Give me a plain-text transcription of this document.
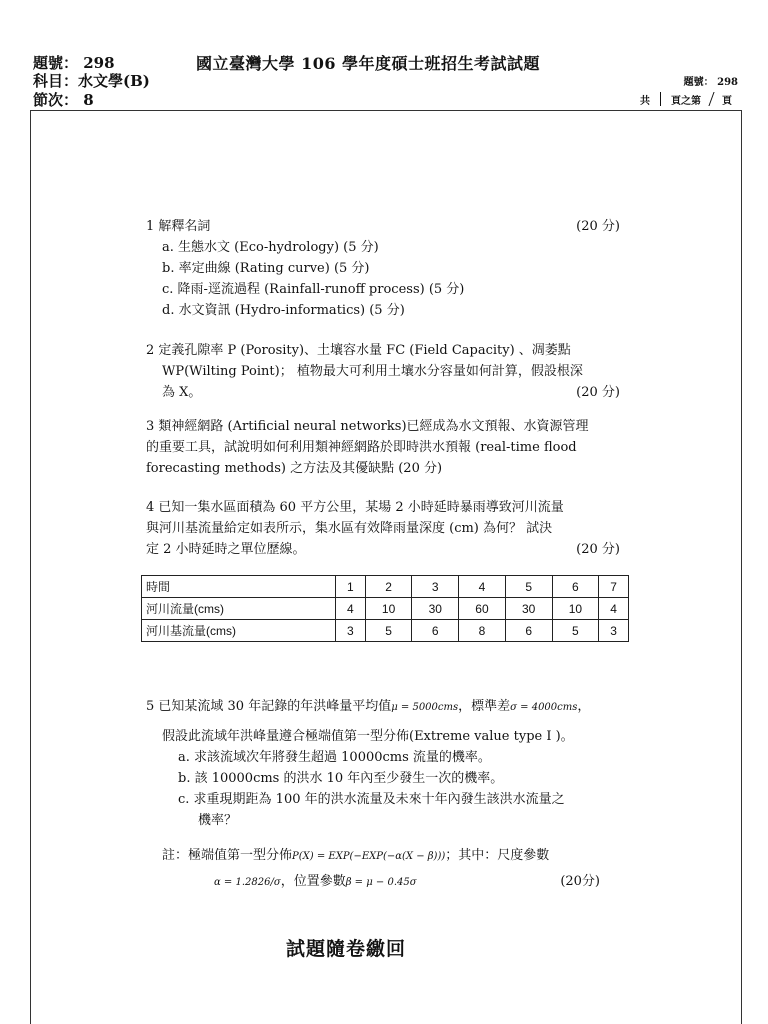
題號： 298
科目：水文學(B)
節次： 8
國立臺灣大學 106 學年度碩士班招生考試試題
題號： 298
共	頁之第	頁

1 解釋名詞	(20 分)

a. 生態水文 (Eco-hydrology) (5 分)

b. 率定曲線 (Rating curve) (5 分)

c. 降雨-逕流過程 (Rainfall-runoff process) (5 分)

d. 水文資訊 (Hydro-informatics) (5 分)

2 定義孔隙率 P (Porosity)、土壤容水量 FC (Field Capacity) 、凋萎點

WP(Wilting Point)； 植物最大可利用土壤水分容量如何計算，假設根深

為 X。	(20 分)

3 類神經網路 (Artificial neural networks)已經成為水文預報、水資源管理

的重要工具，試說明如何利用類神經網路於即時洪水預報 (real-time flood

forecasting methods) 之方法及其優缺點 (20 分)

4 已知一集水區面積為 60 平方公里，某場 2 小時延時暴雨導致河川流量

與河川基流量給定如表所示，集水區有效降雨量深度 (cm) 為何？ 試決

定 2 小時延時之單位歷線。	(20 分)
時間	1	2	3	4	5	6	7
河川流量(cms)	4	10	30	60	30	10	4
河川基流量(cms)	3	5	6	8	6	5	3

5 已知某流域 30 年記錄的年洪峰量平均值μ = 5000cms，標準差σ = 4000cms，

假設此流域年洪峰量遵合極端值第一型分佈(Extreme value type I )。

a. 求該流域次年將發生超過 10000cms 流量的機率。

b. 該 10000cms 的洪水 10 年內至少發生一次的機率。

c. 求重現期距為 100 年的洪水流量及未來十年內發生該洪水流量之

機率？

註：極端值第一型分佈P(X) = EXP(−EXP(−α(X − β)))；其中：尺度參數

α = 1.2826/σ，位置參數β = μ − 0.45σ	(20分)
試題隨卷繳回
